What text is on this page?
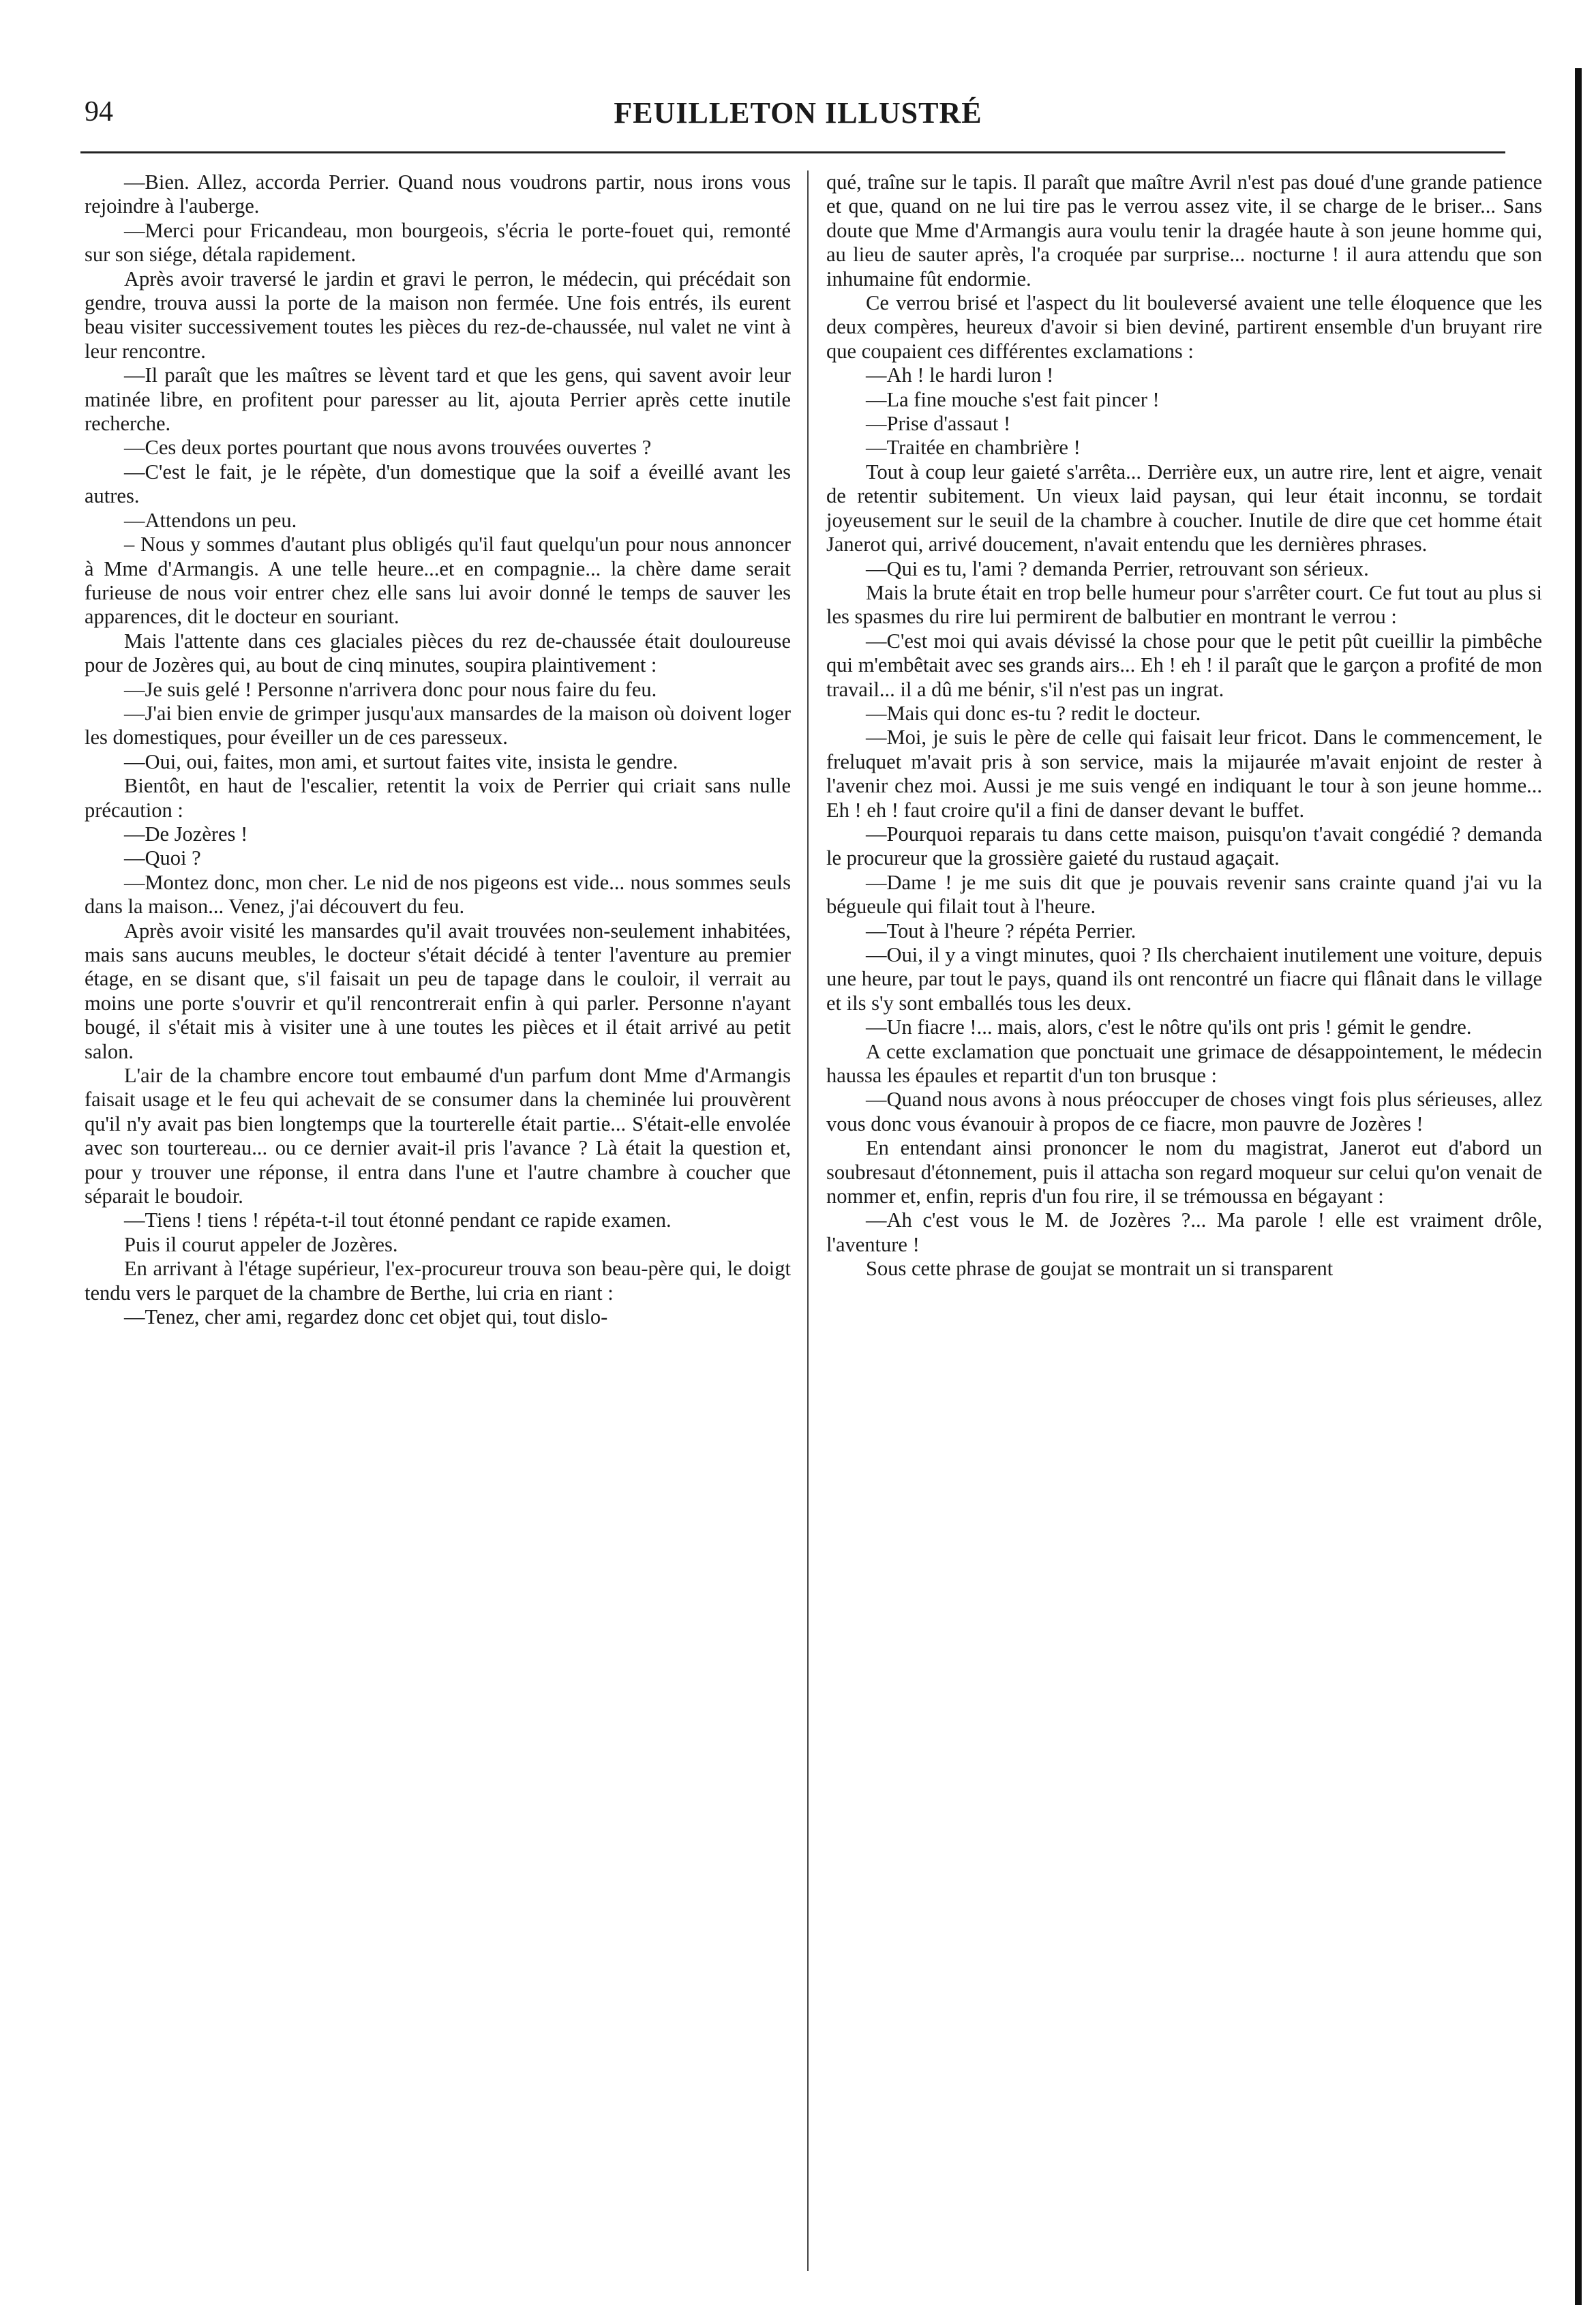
94	FEUILLETON ILLUSTRÉ

—Bien. Allez, accorda Perrier. Quand nous voudrons partir, nous irons vous rejoindre à l'auberge.

—Merci pour Fricandeau, mon bourgeois, s'écria le porte-fouet qui, remonté sur son siége, détala rapidement.

Après avoir traversé le jardin et gravi le perron, le médecin, qui précédait son gendre, trouva aussi la porte de la maison non fermée. Une fois entrés, ils eurent beau visiter successivement toutes les pièces du rez-de-chaussée, nul valet ne vint à leur rencontre.

—Il paraît que les maîtres se lèvent tard et que les gens, qui savent avoir leur matinée libre, en profitent pour paresser au lit, ajouta Perrier après cette inutile recherche.

—Ces deux portes pourtant que nous avons trouvées ouvertes ?

—C'est le fait, je le répète, d'un domestique que la soif a éveillé avant les autres.

—Attendons un peu.

– Nous y sommes d'autant plus obligés qu'il faut quelqu'un pour nous annoncer à Mme d'Armangis. A une telle heure...et en compagnie... la chère dame serait furieuse de nous voir entrer chez elle sans lui avoir donné le temps de sauver les apparences, dit le docteur en souriant.

Mais l'attente dans ces glaciales pièces du rez de-chaussée était douloureuse pour de Jozères qui, au bout de cinq minutes, soupira plaintivement :

—Je suis gelé ! Personne n'arrivera donc pour nous faire du feu.

—J'ai bien envie de grimper jusqu'aux mansardes de la maison où doivent loger les domestiques, pour éveiller un de ces paresseux.

—Oui, oui, faites, mon ami, et surtout faites vite, insista le gendre.

Bientôt, en haut de l'escalier, retentit la voix de Perrier qui criait sans nulle précaution :

—De Jozères !

—Quoi ?

—Montez donc, mon cher. Le nid de nos pigeons est vide... nous sommes seuls dans la maison... Venez, j'ai découvert du feu.

Après avoir visité les mansardes qu'il avait trouvées non-seulement inhabitées, mais sans aucuns meubles, le docteur s'était décidé à tenter l'aventure au premier étage, en se disant que, s'il faisait un peu de tapage dans le couloir, il verrait au moins une porte s'ouvrir et qu'il rencontrerait enfin à qui parler. Personne n'ayant bougé, il s'était mis à visiter une à une toutes les pièces et il était arrivé au petit salon.

L'air de la chambre encore tout embaumé d'un parfum dont Mme d'Armangis faisait usage et le feu qui achevait de se consumer dans la cheminée lui prouvèrent qu'il n'y avait pas bien longtemps que la tourterelle était partie... S'était-elle envolée avec son tourtereau... ou ce dernier avait-il pris l'avance ? Là était la question et, pour y trouver une réponse, il entra dans l'une et l'autre chambre à coucher que séparait le boudoir.

—Tiens ! tiens ! répéta-t-il tout étonné pendant ce rapide examen.

Puis il courut appeler de Jozères.

En arrivant à l'étage supérieur, l'ex-procureur trouva son beau-père qui, le doigt tendu vers le parquet de la chambre de Berthe, lui cria en riant :

—Tenez, cher ami, regardez donc cet objet qui, tout dislo-

qué, traîne sur le tapis. Il paraît que maître Avril n'est pas doué d'une grande patience et que, quand on ne lui tire pas le verrou assez vite, il se charge de le briser... Sans doute que Mme d'Armangis aura voulu tenir la dragée haute à son jeune homme qui, au lieu de sauter après, l'a croquée par surprise... nocturne ! il aura attendu que son inhumaine fût endormie.

Ce verrou brisé et l'aspect du lit bouleversé avaient une telle éloquence que les deux compères, heureux d'avoir si bien deviné, partirent ensemble d'un bruyant rire que coupaient ces différentes exclamations :

—Ah ! le hardi luron !

—La fine mouche s'est fait pincer !

—Prise d'assaut !

—Traitée en chambrière !

Tout à coup leur gaieté s'arrêta... Derrière eux, un autre rire, lent et aigre, venait de retentir subitement. Un vieux laid paysan, qui leur était inconnu, se tordait joyeusement sur le seuil de la chambre à coucher. Inutile de dire que cet homme était Janerot qui, arrivé doucement, n'avait entendu que les dernières phrases.

—Qui es tu, l'ami ? demanda Perrier, retrouvant son sérieux.

Mais la brute était en trop belle humeur pour s'arrêter court. Ce fut tout au plus si les spasmes du rire lui permirent de balbutier en montrant le verrou :

—C'est moi qui avais dévissé la chose pour que le petit pût cueillir la pimbêche qui m'embêtait avec ses grands airs... Eh ! eh ! il paraît que le garçon a profité de mon travail... il a dû me bénir, s'il n'est pas un ingrat.

—Mais qui donc es-tu ? redit le docteur.

—Moi, je suis le père de celle qui faisait leur fricot. Dans le commencement, le freluquet m'avait pris à son service, mais la mijaurée m'avait enjoint de rester à l'avenir chez moi. Aussi je me suis vengé en indiquant le tour à son jeune homme... Eh ! eh ! faut croire qu'il a fini de danser devant le buffet.

—Pourquoi reparais tu dans cette maison, puisqu'on t'avait congédié ? demanda le procureur que la grossière gaieté du rustaud agaçait.

—Dame ! je me suis dit que je pouvais revenir sans crainte quand j'ai vu la bégueule qui filait tout à l'heure.

—Tout à l'heure ? répéta Perrier.

—Oui, il y a vingt minutes, quoi ? Ils cherchaient inutilement une voiture, depuis une heure, par tout le pays, quand ils ont rencontré un fiacre qui flânait dans le village et ils s'y sont emballés tous les deux.

—Un fiacre !... mais, alors, c'est le nôtre qu'ils ont pris ! gémit le gendre.

A cette exclamation que ponctuait une grimace de désappointement, le médecin haussa les épaules et repartit d'un ton brusque :

—Quand nous avons à nous préoccuper de choses vingt fois plus sérieuses, allez vous donc vous évanouir à propos de ce fiacre, mon pauvre de Jozères !

En entendant ainsi prononcer le nom du magistrat, Janerot eut d'abord un soubresaut d'étonnement, puis il attacha son regard moqueur sur celui qu'on venait de nommer et, enfin, repris d'un fou rire, il se trémoussa en bégayant :

—Ah c'est vous le M. de Jozères ?... Ma parole ! elle est vraiment drôle, l'aventure !

Sous cette phrase de goujat se montrait un si transparent
